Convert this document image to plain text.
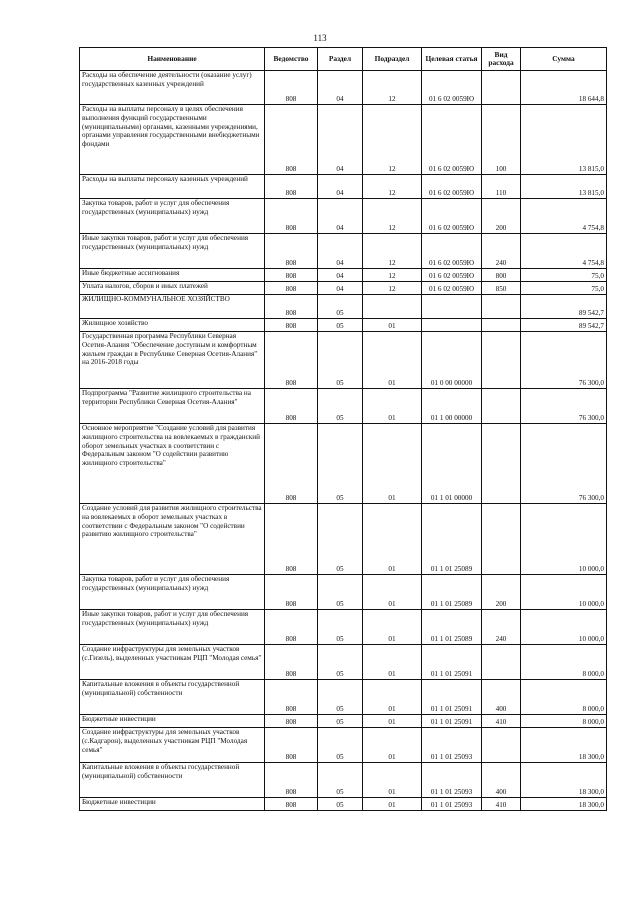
113
Наименование	Ведомство	Раздел	Подраздел	Целевая статья	Вид расхода	Сумма
Расходы на обеспечение деятельности (оказание услуг) государственных казенных учреждений	808	04	12	01 6 02 0059Ю		18 644,8
Расходы на выплаты персоналу в целях обеспечения выполнения функций государственными (муниципальными) органами, казенными учреждениями, органами управления государственными внебюджетными фондами	808	04	12	01 6 02 0059Ю	100	13 815,0
Расходы на выплаты персоналу казенных учреждений	808	04	12	01 6 02 0059Ю	110	13 815,0
Закупка товаров, работ и услуг для обеспечения государственных (муниципальных) нужд	808	04	12	01 6 02 0059Ю	200	4 754,8
Иные закупки товаров, работ и услуг для обеспечения государственных (муниципальных) нужд	808	04	12	01 6 02 0059Ю	240	4 754,8
Иные бюджетные ассигнования	808	04	12	01 6 02 0059Ю	800	75,0
Уплата налогов, сборов и иных платежей	808	04	12	01 6 02 0059Ю	850	75,0
ЖИЛИЩНО-КОММУНАЛЬНОЕ ХОЗЯЙСТВО	808	05				89 542,7
Жилищное хозяйство	808	05	01			89 542,7
Государственная программа Республики Северная Осетия-Алания "Обеспечение доступным и комфортным жильем граждан в Республике Северная Осетия-Алания" на 2016-2018 годы	808	05	01	01 0 00 00000		76 300,0
Подпрограмма "Развитие жилищного строительства на территории Республики Северная Осетия-Алания"	808	05	01	01 1 00 00000		76 300,0
Основное мероприятие "Создание условий для развития жилищного строительства на вовлекаемых в гражданский оборот земельных участках в соответствии с Федеральным законом "О содействии развитию жилищного строительства"	808	05	01	01 1 01 00000		76 300,0
Создание условий для развития жилищного строительства на вовлекаемых в оборот земельных участках в соответствии с Федеральным законом "О содействии развитию жилищного строительства"	808	05	01	01 1 01 25089		10 000,0
Закупка товаров, работ и услуг для обеспечения государственных (муниципальных) нужд	808	05	01	01 1 01 25089	200	10 000,0
Иные закупки товаров, работ и услуг для обеспечения государственных (муниципальных) нужд	808	05	01	01 1 01 25089	240	10 000,0
Создание инфраструктуры для земельных участков (с.Гизель), выделенных участникам РЦП "Молодая семья"	808	05	01	01 1 01 25091		8 000,0
Капитальные вложения в объекты государственной (муниципальной) собственности	808	05	01	01 1 01 25091	400	8 000,0
Бюджетные инвестиции	808	05	01	01 1 01 25091	410	8 000,0
Создание инфраструктуры для земельных участков (с.Кадгарон), выделенных участникам РЦП "Молодая семья"	808	05	01	01 1 01 25093		18 300,0
Капитальные вложения в объекты государственной (муниципальной) собственности	808	05	01	01 1 01 25093	400	18 300,0
Бюджетные инвестиции	808	05	01	01 1 01 25093	410	18 300,0
